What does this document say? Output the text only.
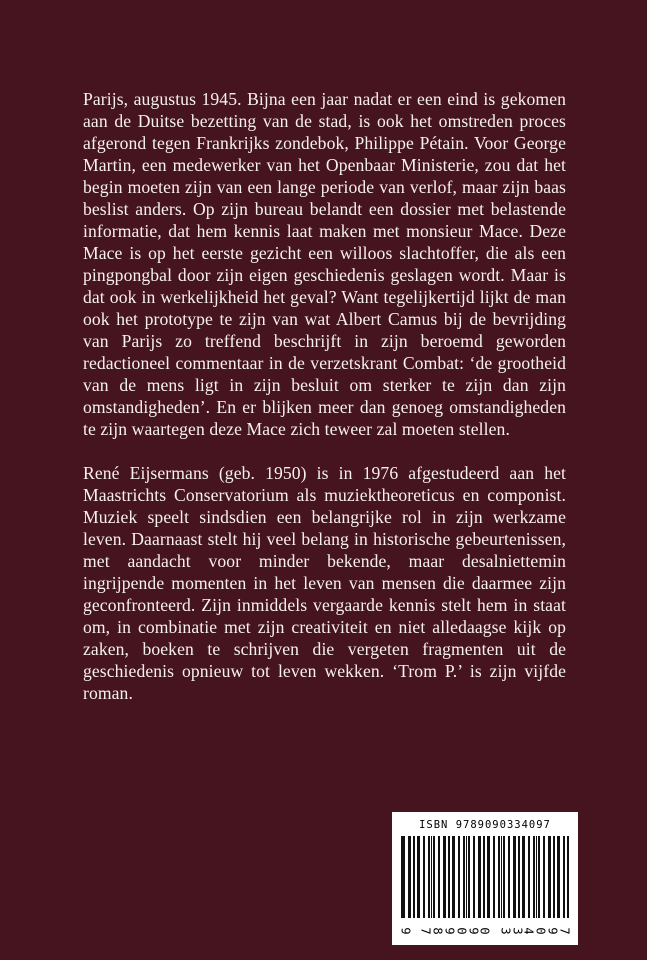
Parijs, augustus 1945. Bijna een jaar nadat er een eind is gekomen aan de Duitse bezetting van de stad, is ook het omstreden proces afgerond tegen Frankrijks zondebok, Philippe Pétain. Voor George Martin, een medewerker van het Openbaar Ministerie, zou dat het begin moeten zijn van een lange periode van verlof, maar zijn baas beslist anders. Op zijn bureau belandt een dossier met belastende informatie, dat hem kennis laat maken met monsieur Mace. Deze Mace is op het eerste gezicht een willoos slachtoffer, die als een pingpongbal door zijn eigen geschiedenis geslagen wordt. Maar is dat ook in werkelijkheid het geval? Want tegelijkertijd lijkt de man ook het prototype te zijn van wat Albert Camus bij de bevrijding van Parijs zo treffend beschrijft in zijn beroemd geworden redactioneel commentaar in de verzetskrant Combat: ‘de grootheid van de mens ligt in zijn besluit om sterker te zijn dan zijn omstandigheden’. En er blijken meer dan genoeg omstandigheden te zijn waartegen deze Mace zich teweer zal moeten stellen.

René Eijsermans (geb. 1950) is in 1976 afgestudeerd aan het Maastrichts Conservatorium als muziektheoreticus en componist. Muziek speelt sindsdien een belangrijke rol in zijn werkzame leven. Daarnaast stelt hij veel belang in historische gebeurtenissen, met aandacht voor minder bekende, maar desalniettemin ingrijpende momenten in het leven van mensen die daarmee zijn geconfronteerd. Zijn inmiddels vergaarde kennis stelt hem in staat om, in combinatie met zijn creativiteit en niet alledaagse kijk op zaken, boeken te schrijven die vergeten fragmenten uit de geschiedenis opnieuw tot leven wekken. ‘Trom P.’ is zijn vijfde roman.

ISBN 9789090334097
9 7
8
9
0
9
0 3
3
4
0
9
7
